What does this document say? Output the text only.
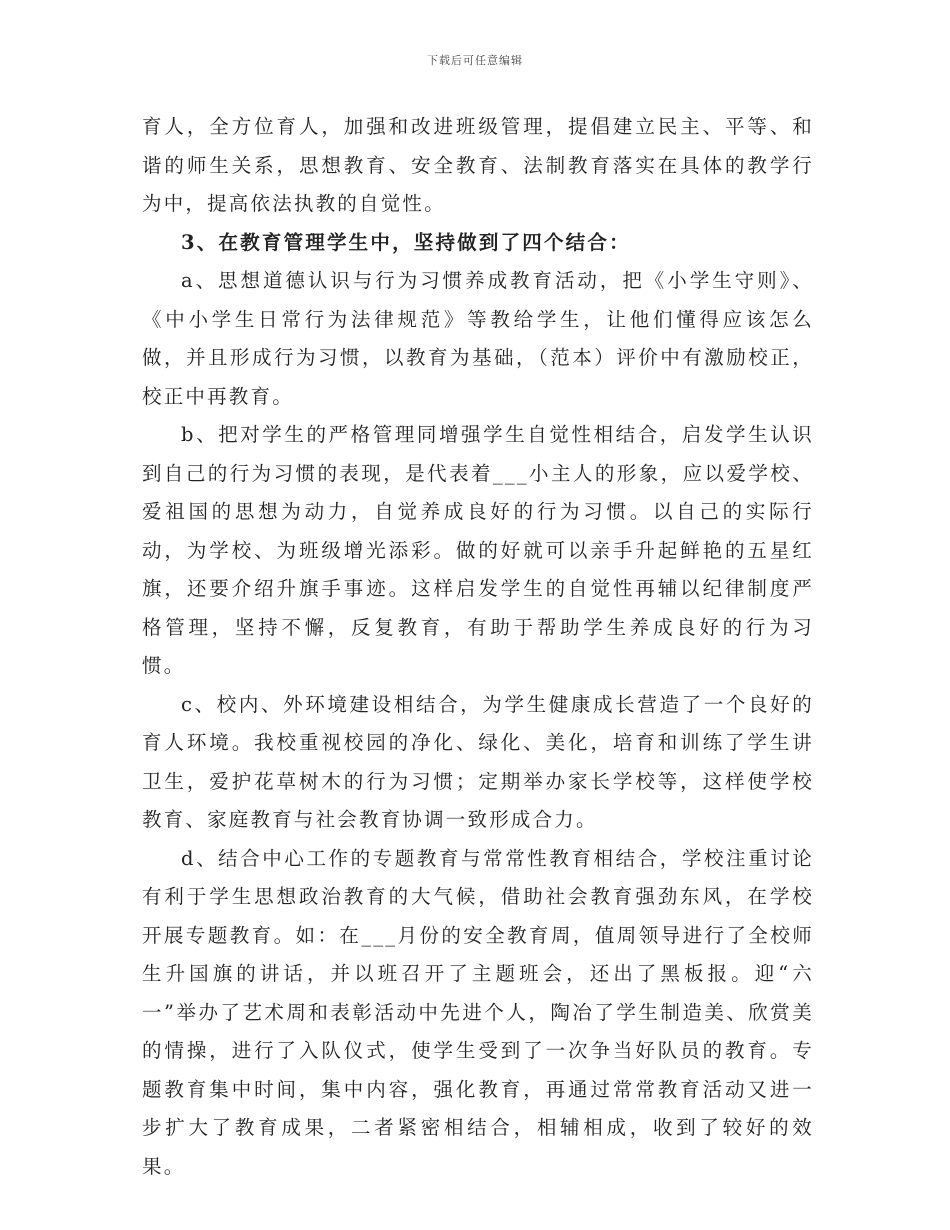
下载后可任意编辑

育人，全方位育人，加强和改进班级管理，提倡建立民主、平等、和谐的师生关系，思想教育、安全教育、法制教育落实在具体的教学行为中，提高依法执教的自觉性。

3、在教育管理学生中，坚持做到了四个结合：

a、思想道德认识与行为习惯养成教育活动，把《小学生守则》、《中小学生日常行为法律规范》等教给学生，让他们懂得应该怎么做，并且形成行为习惯，以教育为基础，（范本）评价中有激励校正，校正中再教育。

b、把对学生的严格管理同增强学生自觉性相结合，启发学生认识到自己的行为习惯的表现，是代表着___小主人的形象，应以爱学校、爱祖国的思想为动力，自觉养成良好的行为习惯。以自己的实际行动，为学校、为班级增光添彩。做的好就可以亲手升起鲜艳的五星红旗，还要介绍升旗手事迹。这样启发学生的自觉性再辅以纪律制度严格管理，坚持不懈，反复教育，有助于帮助学生养成良好的行为习惯。

c、校内、外环境建设相结合，为学生健康成长营造了一个良好的育人环境。我校重视校园的净化、绿化、美化，培育和训练了学生讲卫生，爱护花草树木的行为习惯；定期举办家长学校等，这样使学校教育、家庭教育与社会教育协调一致形成合力。

d、结合中心工作的专题教育与常常性教育相结合，学校注重讨论有利于学生思想政治教育的大气候，借助社会教育强劲东风，在学校开展专题教育。如：在___月份的安全教育周，值周领导进行了全校师生升国旗的讲话，并以班召开了主题班会，还出了黑板报。迎“六一”举办了艺术周和表彰活动中先进个人，陶冶了学生制造美、欣赏美的情操，进行了入队仪式，使学生受到了一次争当好队员的教育。专题教育集中时间，集中内容，强化教育，再通过常常教育活动又进一步扩大了教育成果，二者紧密相结合，相辅相成，收到了较好的效果。
